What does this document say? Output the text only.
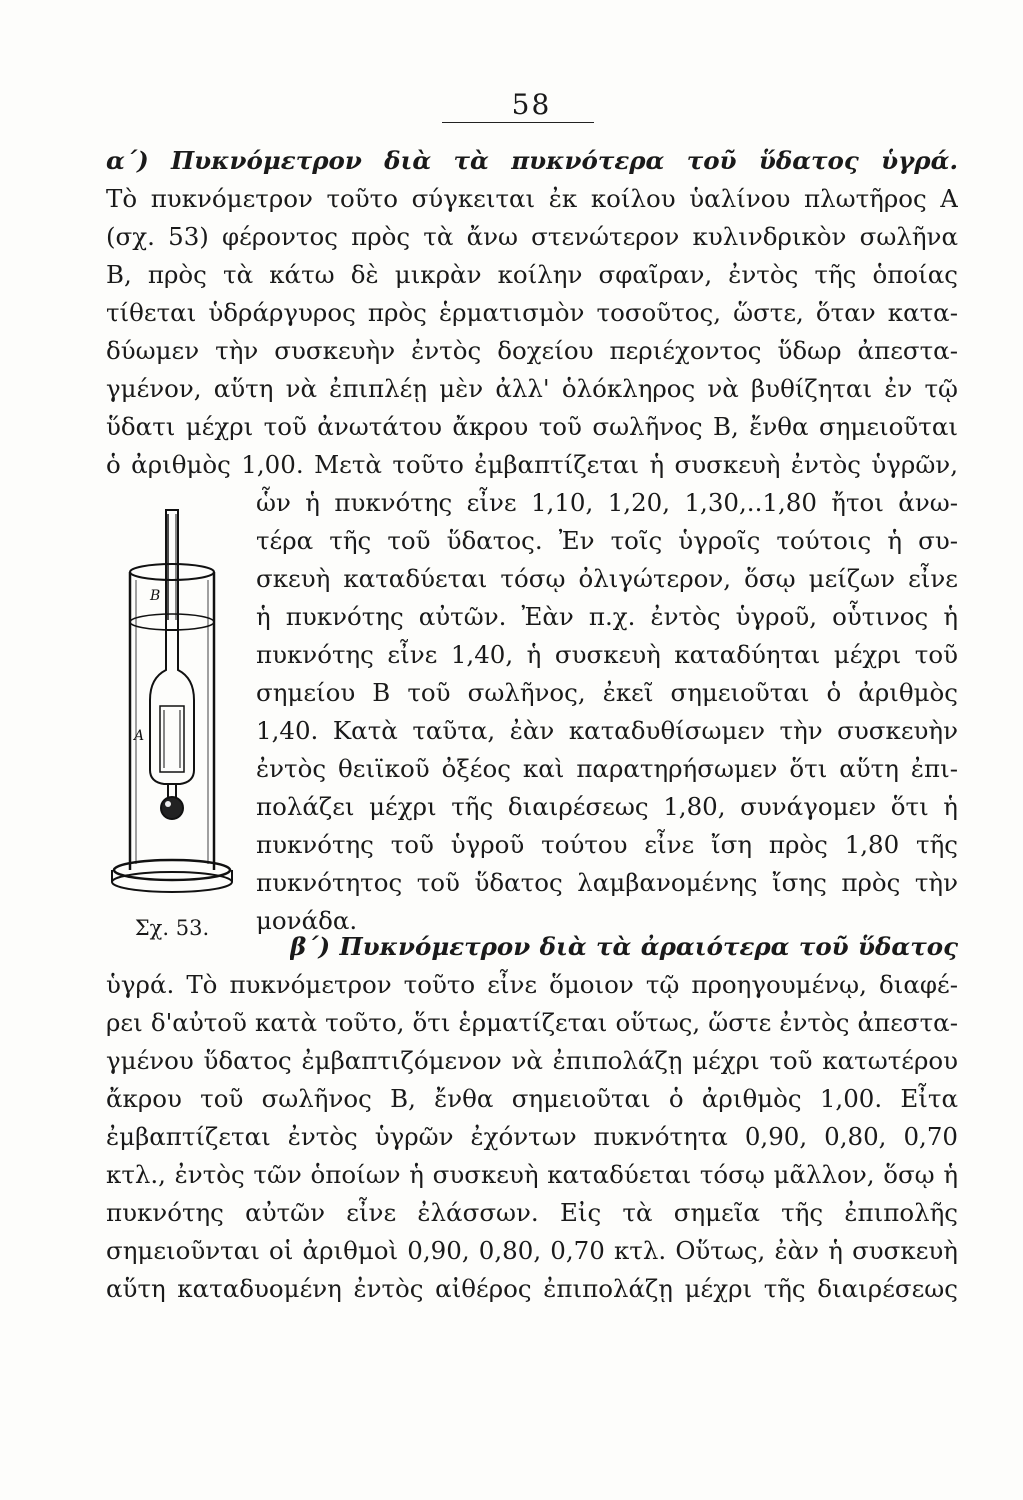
58
α΄) Πυκνόμετρον διὰ τὰ πυκνότερα τοῦ ὕδατος ὑγρά.
Τὸ πυκνόμετρον τοῦτο σύγκειται ἐκ κοίλου ὑαλίνου πλωτῆρος Α
(σχ. 53) φέροντος πρὸς τὰ ἄνω στενώτερον κυλινδρικὸν σωλῆνα
Β, πρὸς τὰ κάτω δὲ μικρὰν κοίλην σφαῖραν, ἐντὸς τῆς ὁποίας
τίθεται ὑδράργυρος πρὸς ἑρματισμὸν τοσοῦτος, ὥστε, ὅταν κατα-
δύωμεν τὴν συσκευὴν ἐντὸς δοχείου περιέχοντος ὕδωρ ἀπεστα-
γμένον, αὕτη νὰ ἐπιπλέῃ μὲν ἀλλ' ὁλόκληρος νὰ βυθίζηται ἐν τῷ
ὕδατι μέχρι τοῦ ἀνωτάτου ἄκρου τοῦ σωλῆνος Β, ἔνθα σημειοῦται
ὁ ἀριθμὸς 1,00. Μετὰ τοῦτο ἐμβαπτίζεται ἡ συσκευὴ ἐντὸς ὑγρῶν,
ὧν ἡ πυκνότης εἶνε 1,10, 1,20, 1,30,..1,80 ἤτοι ἀνω-
τέρα τῆς τοῦ ὕδατος. Ἐν τοῖς ὑγροῖς τούτοις ἡ συ-
σκευὴ καταδύεται τόσῳ ὀλιγώτερον, ὅσῳ μείζων εἶνε
ἡ πυκνότης αὐτῶν. Ἐὰν π.χ. ἐντὸς ὑγροῦ, οὗτινος ἡ
πυκνότης εἶνε 1,40, ἡ συσκευὴ καταδύηται μέχρι τοῦ
σημείου Β τοῦ σωλῆνος, ἐκεῖ σημειοῦται ὁ ἀριθμὸς
1,40. Κατὰ ταῦτα, ἐὰν καταδυθίσωμεν τὴν συσκευὴν
ἐντὸς θειϊκοῦ ὀξέος καὶ παρατηρήσωμεν ὅτι αὕτη ἐπι-
πολάζει μέχρι τῆς διαιρέσεως 1,80, συνάγομεν ὅτι ἡ
πυκνότης τοῦ ὑγροῦ τούτου εἶνε ἴση πρὸς 1,80 τῆς
πυκνότητος τοῦ ὕδατος λαμβανομένης ἴσης πρὸς τὴν
μονάδα.
B
A
Σχ. 53.
β΄) Πυκνόμετρον διὰ τὰ ἀραιότερα τοῦ ὕδατος
ὑγρά. Τὸ πυκνόμετρον τοῦτο εἶνε ὅμοιον τῷ προηγουμένῳ, διαφέ-
ρει δ'αὐτοῦ κατὰ τοῦτο, ὅτι ἑρματίζεται οὕτως, ὥστε ἐντὸς ἀπεστα-
γμένου ὕδατος ἐμβαπτιζόμενον νὰ ἐπιπολάζῃ μέχρι τοῦ κατωτέρου
ἄκρου τοῦ σωλῆνος Β, ἔνθα σημειοῦται ὁ ἀριθμὸς 1,00. Εἶτα
ἐμβαπτίζεται ἐντὸς ὑγρῶν ἐχόντων πυκνότητα 0,90, 0,80, 0,70
κτλ., ἐντὸς τῶν ὁποίων ἡ συσκευὴ καταδύεται τόσῳ μᾶλλον, ὅσῳ ἡ
πυκνότης αὐτῶν εἶνε ἐλάσσων. Εἰς τὰ σημεῖα τῆς ἐπιπολῆς
σημειοῦνται οἱ ἀριθμοὶ 0,90, 0,80, 0,70 κτλ. Οὕτως, ἐὰν ἡ συσκευὴ
αὕτη καταδυομένη ἐντὸς αἰθέρος ἐπιπολάζῃ μέχρι τῆς διαιρέσεως
